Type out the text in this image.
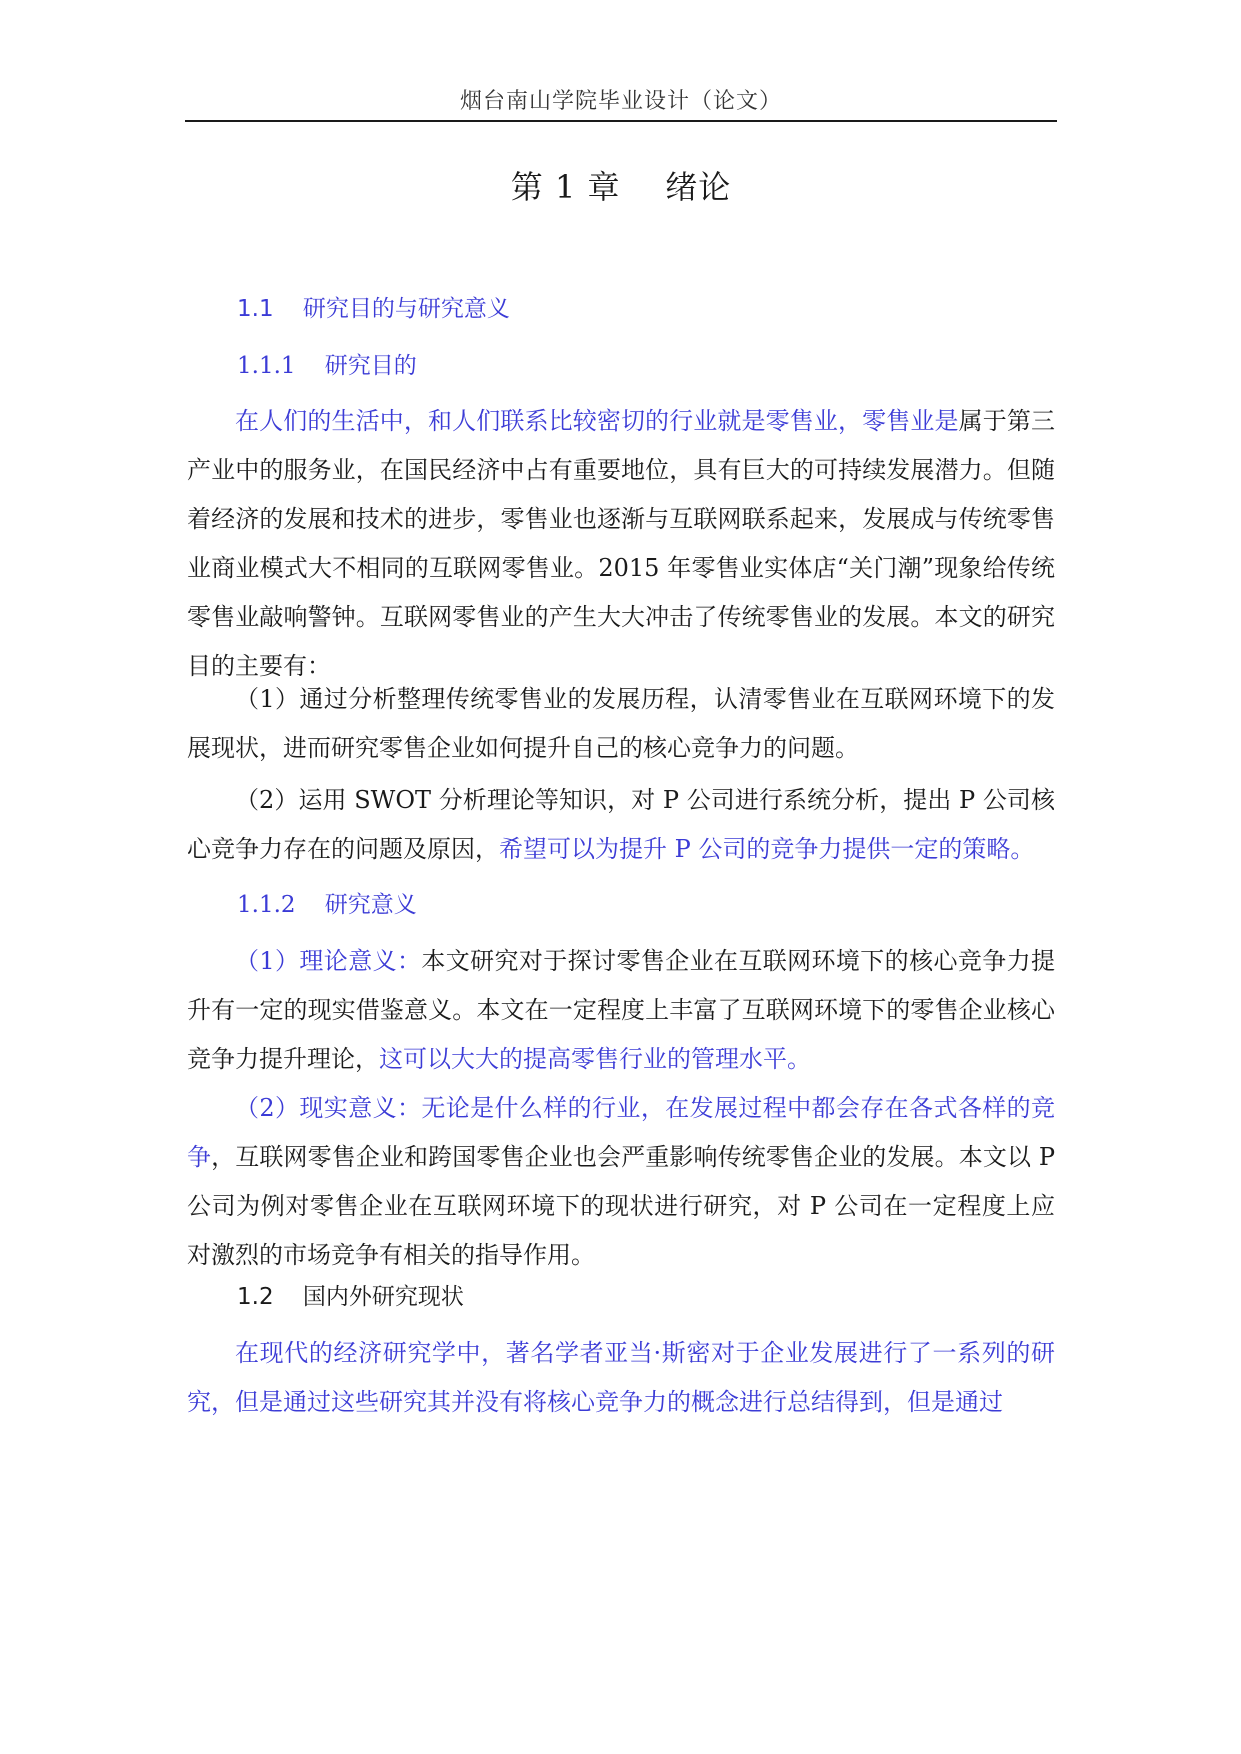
烟台南山学院毕业设计（论文）
第 1 章    绪论
1.1    研究目的与研究意义
1.1.1    研究目的

在人们的生活中，和人们联系比较密切的行业就是零售业，零售业是属于第三产业中的服务业，在国民经济中占有重要地位，具有巨大的可持续发展潜力。但随着经济的发展和技术的进步，零售业也逐渐与互联网联系起来，发展成与传统零售业商业模式大不相同的互联网零售业。2015 年零售业实体店“关门潮”现象给传统零售业敲响警钟。互联网零售业的产生大大冲击了传统零售业的发展。本文的研究目的主要有：

（1）通过分析整理传统零售业的发展历程，认清零售业在互联网环境下的发展现状，进而研究零售企业如何提升自己的核心竞争力的问题。

（2）运用 SWOT 分析理论等知识，对 P 公司进行系统分析，提出 P 公司核心竞争力存在的问题及原因，希望可以为提升 P 公司的竞争力提供一定的策略。

1.1.2    研究意义

（1）理论意义：本文研究对于探讨零售企业在互联网环境下的核心竞争力提升有一定的现实借鉴意义。本文在一定程度上丰富了互联网环境下的零售企业核心竞争力提升理论，这可以大大的提高零售行业的管理水平。

（2）现实意义：无论是什么样的行业，在发展过程中都会存在各式各样的竞争，互联网零售企业和跨国零售企业也会严重影响传统零售企业的发展。本文以 P 公司为例对零售企业在互联网环境下的现状进行研究，对 P 公司在一定程度上应对激烈的市场竞争有相关的指导作用。

1.2    国内外研究现状

在现代的经济研究学中，著名学者亚当·斯密对于企业发展进行了一系列的研究，但是通过这些研究其并没有将核心竞争力的概念进行总结得到，但是通过
